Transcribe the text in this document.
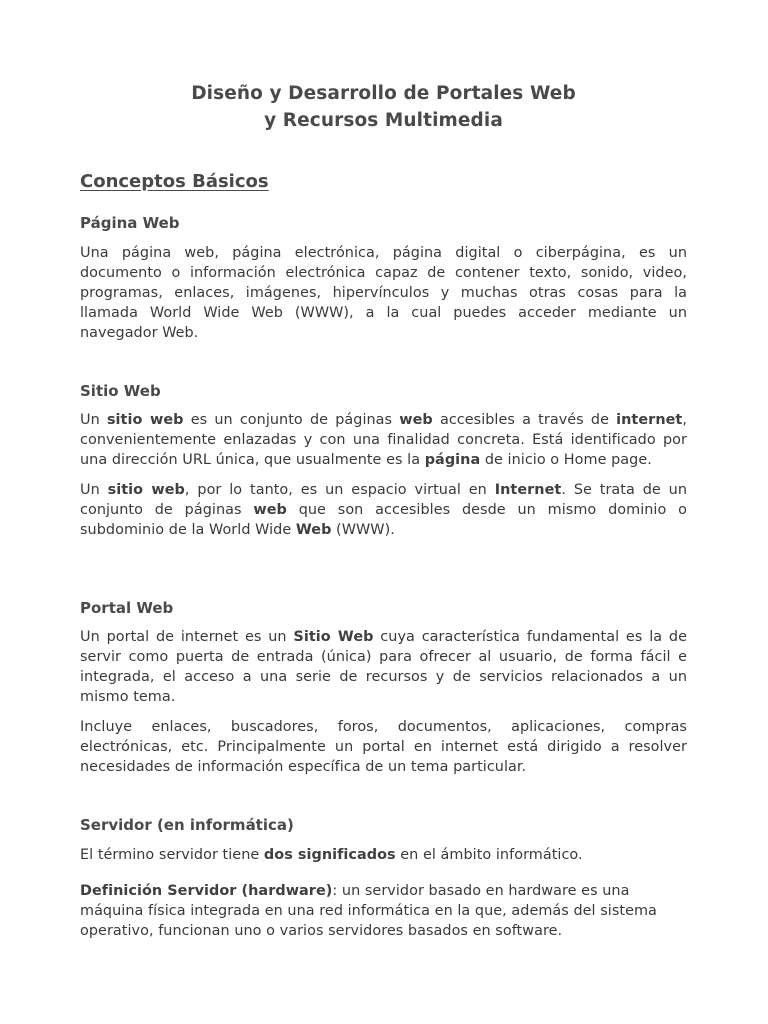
Diseño y Desarrollo de Portales Web
y Recursos Multimedia
Conceptos Básicos
Página Web

Una página web, página electrónica, página digital o ciberpágina, es un documento o información electrónica capaz de contener texto, sonido, video, programas, enlaces, imágenes, hipervínculos y muchas otras cosas para la llamada World Wide Web (WWW), a la cual puedes acceder mediante un navegador Web.

Sitio Web

Un sitio web es un conjunto de páginas web accesibles a través de internet, convenientemente enlazadas y con una finalidad concreta. Está identificado por una dirección URL única, que usualmente es la página de inicio o Home page.

Un sitio web, por lo tanto, es un espacio virtual en Internet. Se trata de un conjunto de páginas web que son accesibles desde un mismo dominio o subdominio de la World Wide Web (WWW).

Portal Web

Un portal de internet es un Sitio Web cuya característica fundamental es la de servir como puerta de entrada (única) para ofrecer al usuario, de forma fácil e integrada, el acceso a una serie de recursos y de servicios relacionados a un mismo tema.

Incluye enlaces, buscadores, foros, documentos, aplicaciones, compras electrónicas, etc. Principalmente un portal en internet está dirigido a resolver necesidades de información específica de un tema particular.

Servidor (en informática)

El término servidor tiene dos significados en el ámbito informático.

Definición Servidor (hardware): un servidor basado en hardware es una máquina física integrada en una red informática en la que, además del sistema operativo, funcionan uno o varios servidores basados en software.
